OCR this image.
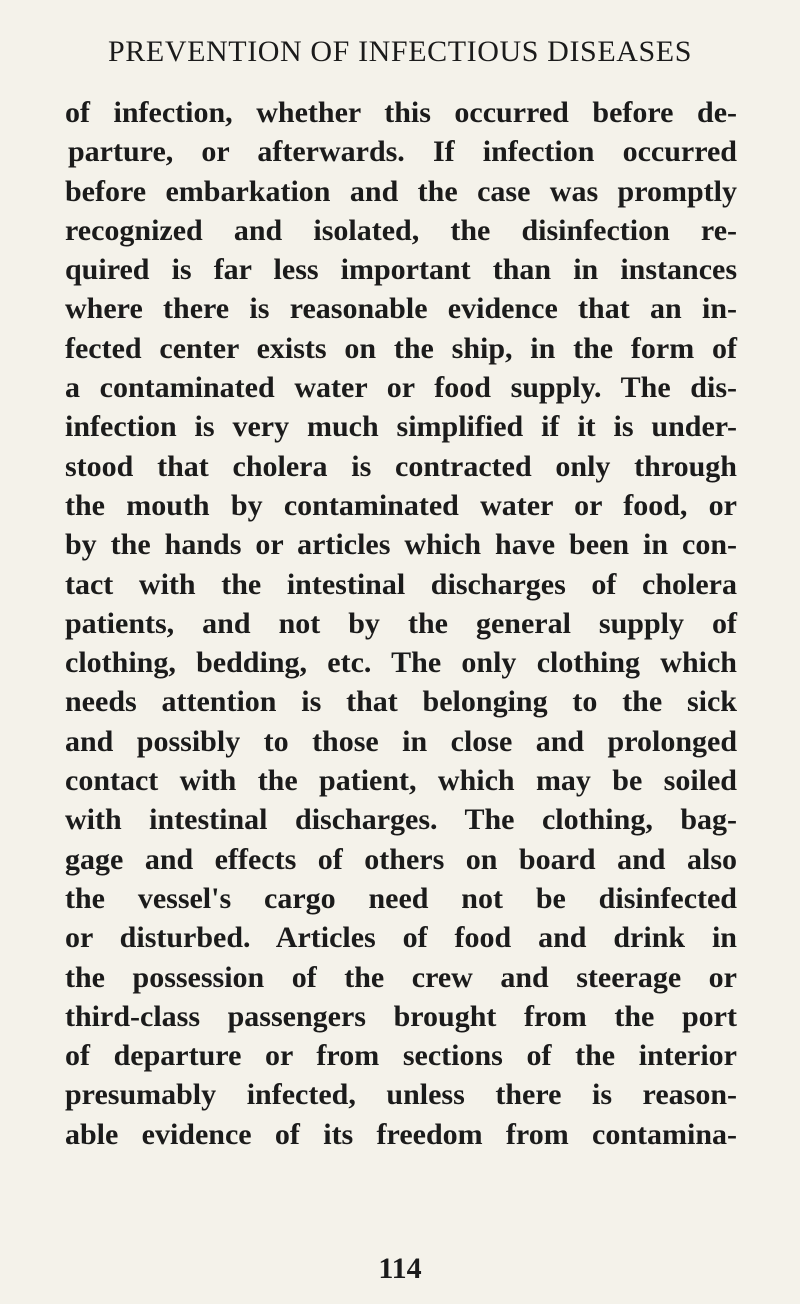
PREVENTION OF INFECTIOUS DISEASES
of infection, whether this occurred before de-
parture, or afterwards. If infection occurred
before embarkation and the case was promptly
recognized and isolated, the disinfection re-
quired is far less important than in instances
where there is reasonable evidence that an in-
fected center exists on the ship, in the form of
a contaminated water or food supply. The dis-
infection is very much simplified if it is under-
stood that cholera is contracted only through
the mouth by contaminated water or food, or
by the hands or articles which have been in con-
tact with the intestinal discharges of cholera
patients, and not by the general supply of
clothing, bedding, etc. The only clothing which
needs attention is that belonging to the sick
and possibly to those in close and prolonged
contact with the patient, which may be soiled
with intestinal discharges. The clothing, bag-
gage and effects of others on board and also
the vessel's cargo need not be disinfected
or disturbed. Articles of food and drink in
the possession of the crew and steerage or
third-class passengers brought from the port
of departure or from sections of the interior
presumably infected, unless there is reason-
able evidence of its freedom from contamina-
114
